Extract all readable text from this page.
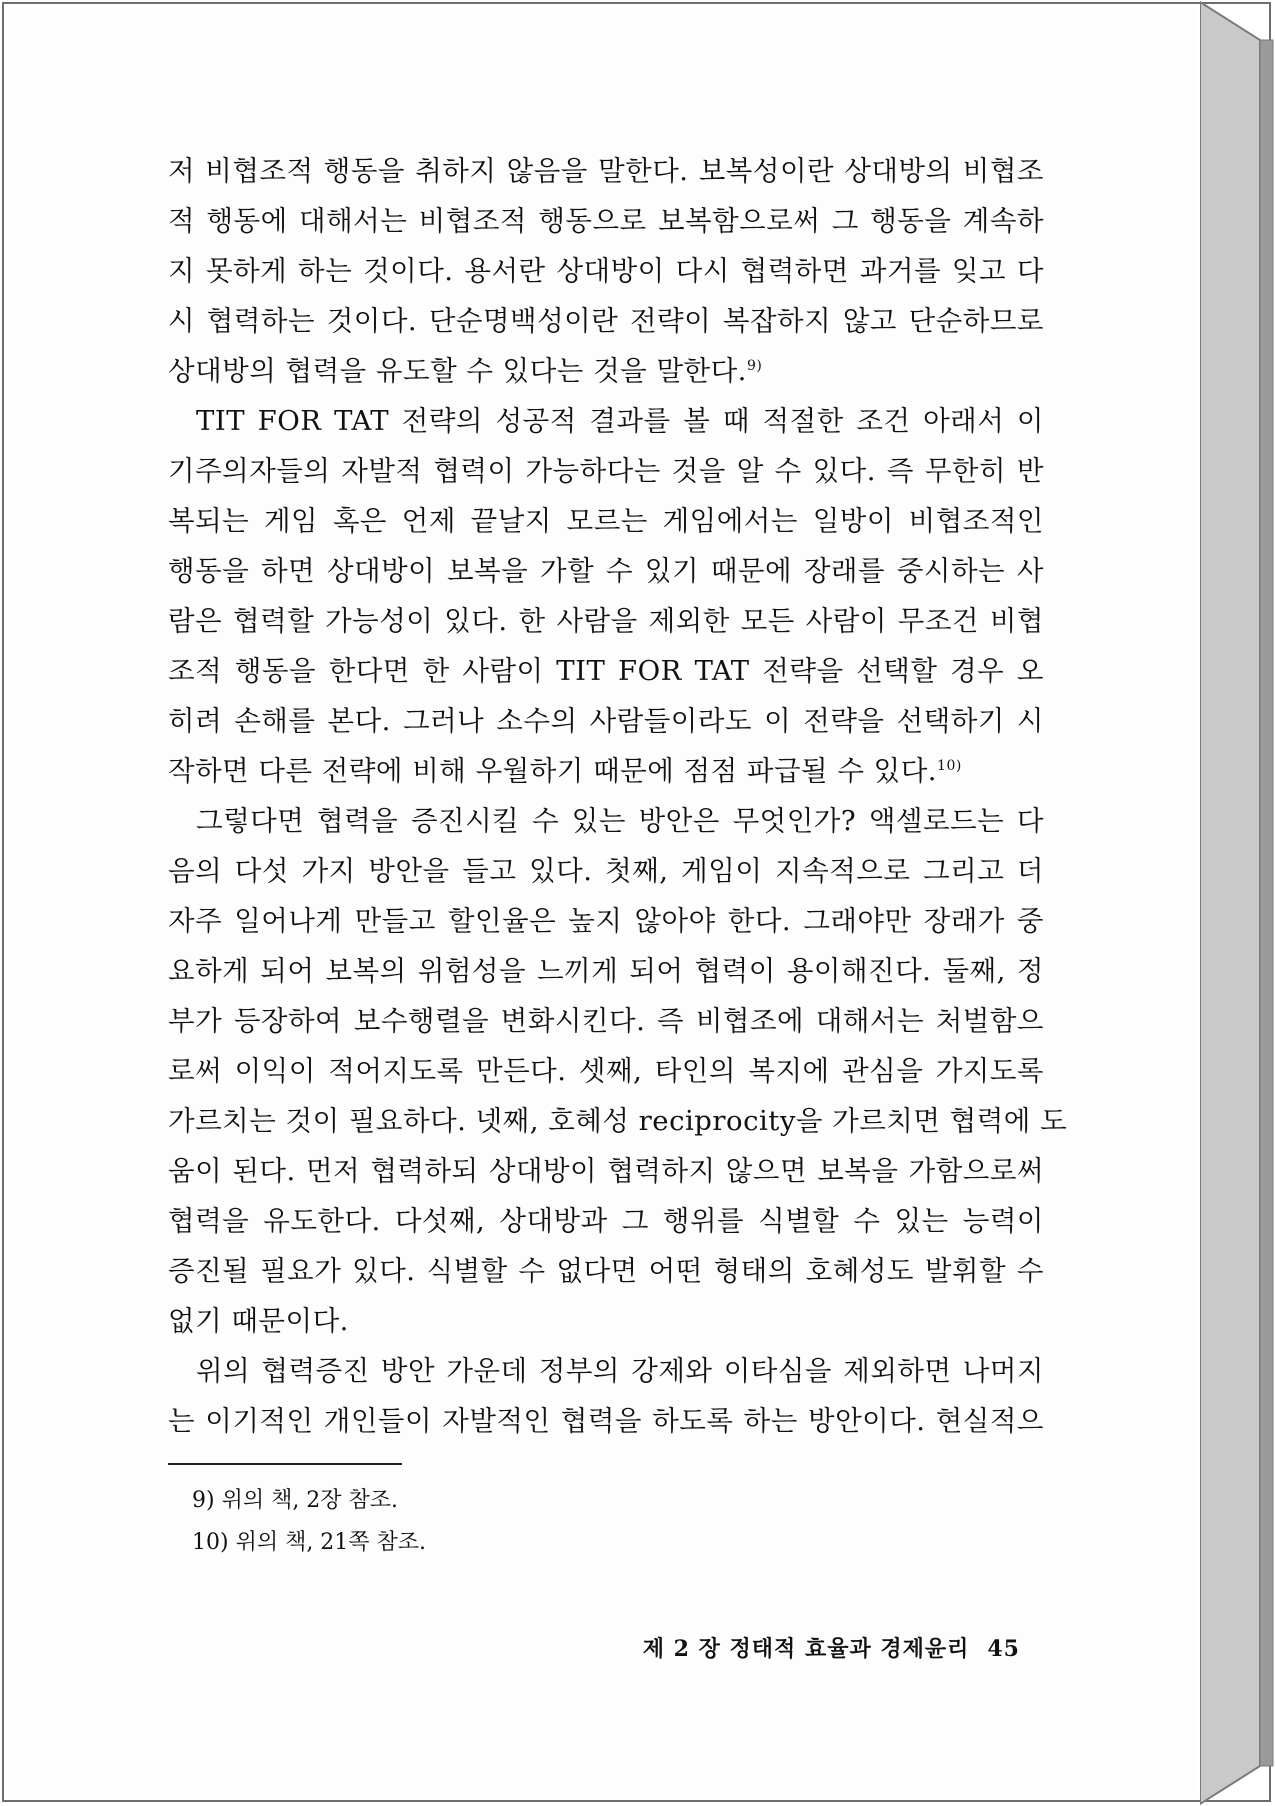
저 비협조적 행동을 취하지 않음을 말한다. 보복성이란 상대방의 비협조
적 행동에 대해서는 비협조적 행동으로 보복함으로써 그 행동을 계속하
지 못하게 하는 것이다. 용서란 상대방이 다시 협력하면 과거를 잊고 다
시 협력하는 것이다. 단순명백성이란 전략이 복잡하지 않고 단순하므로
상대방의 협력을 유도할 수 있다는 것을 말한다.$^{9)}$

TIT FOR TAT 전략의 성공적 결과를 볼 때 적절한 조건 아래서 이
기주의자들의 자발적 협력이 가능하다는 것을 알 수 있다. 즉 무한히 반
복되는 게임 혹은 언제 끝날지 모르는 게임에서는 일방이 비협조적인
행동을 하면 상대방이 보복을 가할 수 있기 때문에 장래를 중시하는 사
람은 협력할 가능성이 있다. 한 사람을 제외한 모든 사람이 무조건 비협
조적 행동을 한다면 한 사람이 TIT FOR TAT 전략을 선택할 경우 오
히려 손해를 본다. 그러나 소수의 사람들이라도 이 전략을 선택하기 시
작하면 다른 전략에 비해 우월하기 때문에 점점 파급될 수 있다.$^{10)}$

그렇다면 협력을 증진시킬 수 있는 방안은 무엇인가? 액셀로드는 다
음의 다섯 가지 방안을 들고 있다. 첫째, 게임이 지속적으로 그리고 더
자주 일어나게 만들고 할인율은 높지 않아야 한다. 그래야만 장래가 중
요하게 되어 보복의 위험성을 느끼게 되어 협력이 용이해진다. 둘째, 정
부가 등장하여 보수행렬을 변화시킨다. 즉 비협조에 대해서는 처벌함으
로써 이익이 적어지도록 만든다. 셋째, 타인의 복지에 관심을 가지도록
가르치는 것이 필요하다. 넷째, 호혜성 reciprocity을 가르치면 협력에 도
움이 된다. 먼저 협력하되 상대방이 협력하지 않으면 보복을 가함으로써
협력을 유도한다. 다섯째, 상대방과 그 행위를 식별할 수 있는 능력이
증진될 필요가 있다. 식별할 수 없다면 어떤 형태의 호혜성도 발휘할 수
없기 때문이다.

위의 협력증진 방안 가운데 정부의 강제와 이타심을 제외하면 나머지
는 이기적인 개인들이 자발적인 협력을 하도록 하는 방안이다. 현실적으

9) 위의 책, 2장 참조.
10) 위의 책, 21쪽 참조.
제 2 장 정태적 효율과 경제윤리 45
